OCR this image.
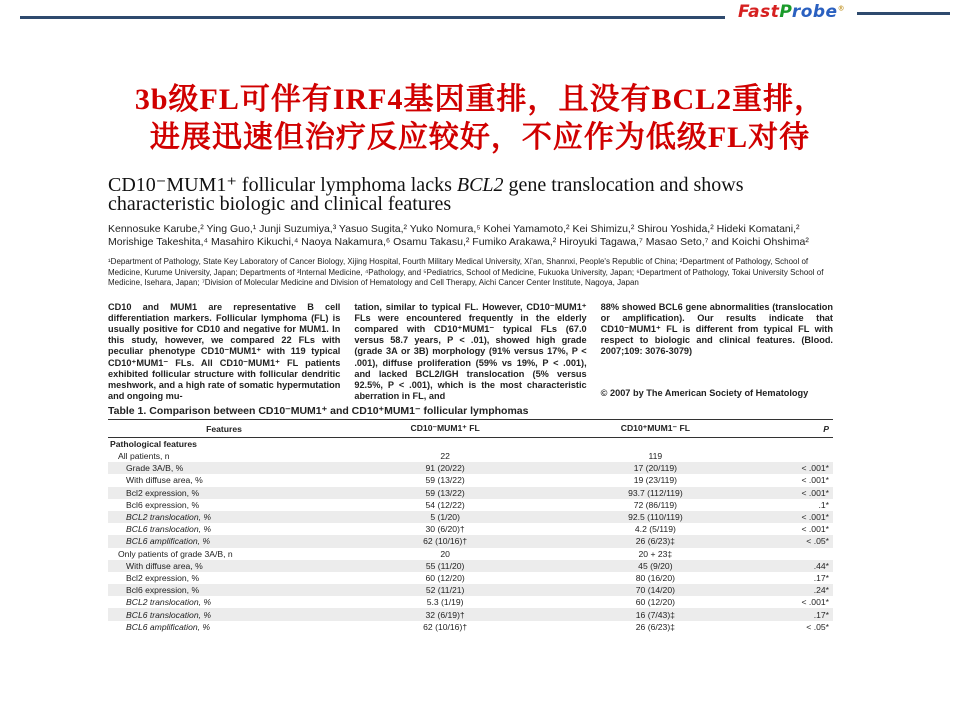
FastProbe®
3b级FL可伴有IRF4基因重排，且没有BCL2重排，
进展迅速但治疗反应较好，不应作为低级FL对待
CD10⁻MUM1⁺ follicular lymphoma lacks BCL2 gene translocation and shows characteristic biologic and clinical features
Kennosuke Karube,² Ying Guo,¹ Junji Suzumiya,³ Yasuo Sugita,² Yuko Nomura,⁵ Kohei Yamamoto,² Kei Shimizu,² Shirou Yoshida,² Hideki Komatani,² Morishige Takeshita,⁴ Masahiro Kikuchi,⁴ Naoya Nakamura,⁶ Osamu Takasu,² Fumiko Arakawa,² Hiroyuki Tagawa,⁷ Masao Seto,⁷ and Koichi Ohshima²
¹Department of Pathology, State Key Laboratory of Cancer Biology, Xijing Hospital, Fourth Military Medical University, Xi'an, Shannxi, People's Republic of China; ²Department of Pathology, School of Medicine, Kurume University, Japan; Departments of ³Internal Medicine, ⁴Pathology, and ⁵Pediatrics, School of Medicine, Fukuoka University, Japan; ⁶Department of Pathology, Tokai University School of Medicine, Isehara, Japan; ⁷Division of Molecular Medicine and Division of Hematology and Cell Therapy, Aichi Cancer Center Institute, Nagoya, Japan
CD10 and MUM1 are representative B cell differentiation markers. Follicular lymphoma (FL) is usually positive for CD10 and negative for MUM1. In this study, however, we compared 22 FLs with peculiar phenotype CD10⁻MUM1⁺ with 119 typical CD10⁺MUM1⁻ FLs. All CD10⁻MUM1⁺ FL patients exhibited follicular structure with follicular dendritic meshwork, and a high rate of somatic hypermutation and ongoing mu-
tation, similar to typical FL. However, CD10⁻MUM1⁺ FLs were encountered frequently in the elderly compared with CD10⁺MUM1⁻ typical FLs (67.0 versus 58.7 years, P < .01), showed high grade (grade 3A or 3B) morphology (91% versus 17%, P < .001), diffuse proliferation (59% vs 19%, P < .001), and lacked BCL2/IGH translocation (5% versus 92.5%, P < .001), which is the most characteristic aberration in FL, and
88% showed BCL6 gene abnormalities (translocation or amplification). Our results indicate that CD10⁻MUM1⁺ FL is different from typical FL with respect to biologic and clinical features. (Blood. 2007;109: 3076-3079)

© 2007 by The American Society of Hematology

Table 1. Comparison between CD10⁻MUM1⁺ and CD10⁺MUM1⁻ follicular lymphomas
Features	CD10⁻MUM1⁺ FL	CD10⁺MUM1⁻ FL	P
Pathological features			
All patients, n	22	119	
Grade 3A/B, %	91 (20/22)	17 (20/119)	< .001*
With diffuse area, %	59 (13/22)	19 (23/119)	< .001*
Bcl2 expression, %	59 (13/22)	93.7 (112/119)	< .001*
Bcl6 expression, %	54 (12/22)	72 (86/119)	.1*
BCL2 translocation, %	5 (1/20)	92.5 (110/119)	< .001*
BCL6 translocation, %	30 (6/20)†	4.2 (5/119)	< .001*
BCL6 amplification, %	62 (10/16)†	26 (6/23)‡	< .05*
Only patients of grade 3A/B, n	20	20 + 23‡	
With diffuse area, %	55 (11/20)	45 (9/20)	.44*
Bcl2 expression, %	60 (12/20)	80 (16/20)	.17*
Bcl6 expression, %	52 (11/21)	70 (14/20)	.24*
BCL2 translocation, %	5.3 (1/19)	60 (12/20)	< .001*
BCL6 translocation, %	32 (6/19)†	16 (7/43)‡	.17*
BCL6 amplification, %	62 (10/16)†	26 (6/23)‡	< .05*
